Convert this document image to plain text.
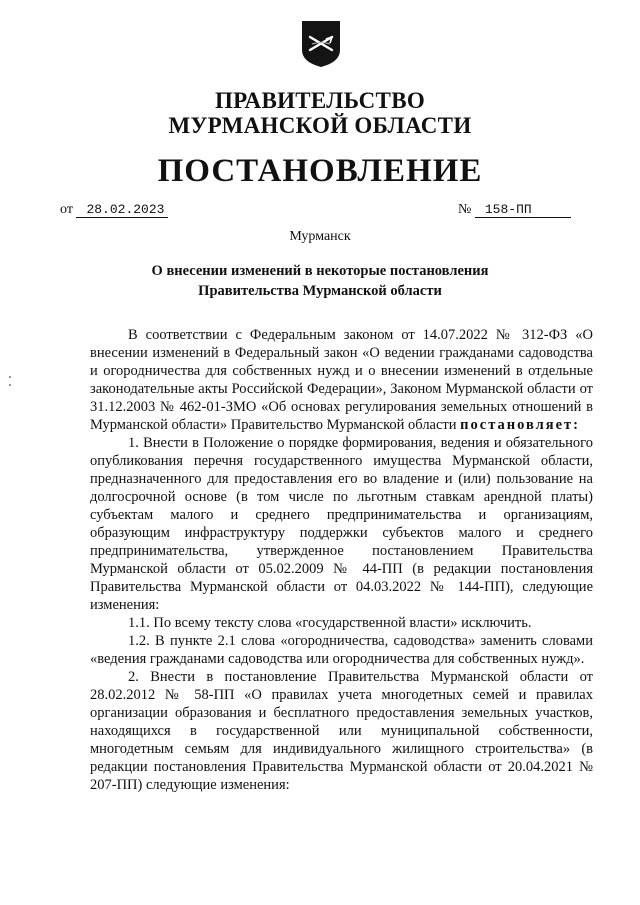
ПРАВИТЕЛЬСТВО
МУРМАНСКОЙ ОБЛАСТИ
ПОСТАНОВЛЕНИЕ
от 28.02.2023	№ 158-ПП
Мурманск
О внесении изменений в некоторые постановления
Правительства Мурманской области

В соответствии с Федеральным законом от 14.07.2022 № 312-ФЗ «О внесении изменений в Федеральный закон «О ведении гражданами садоводства и огородничества для собственных нужд и о внесении изменений в отдельные законодательные акты Российской Федерации», Законом Мурманской области от 31.12.2003 № 462-01-ЗМО «Об основах регулирования земельных отношений в Мурманской области» Правительство Мурманской области постановляет:

1. Внести в Положение о порядке формирования, ведения и обязательного опубликования перечня государственного имущества Мурманской области, предназначенного для предоставления его во владение и (или) пользование на долгосрочной основе (в том числе по льготным ставкам арендной платы) субъектам малого и среднего предпринимательства и организациям, образующим инфраструктуру поддержки субъектов малого и среднего предпринимательства, утвержденное постановлением Правительства Мурманской области от 05.02.2009 № 44-ПП (в редакции постановления Правительства Мурманской области от 04.03.2022 № 144-ПП), следующие изменения:

1.1. По всему тексту слова «государственной власти» исключить.

1.2. В пункте 2.1 слова «огородничества, садоводства» заменить словами «ведения гражданами садоводства или огородничества для собственных нужд».

2. Внести в постановление Правительства Мурманской области от 28.02.2012 № 58-ПП «О правилах учета многодетных семей и правилах организации образования и бесплатного предоставления земельных участков, находящихся в государственной или муниципальной собственности, многодетным семьям для индивидуального жилищного строительства» (в редакции постановления Правительства Мурманской области от 20.04.2021 № 207-ПП) следующие изменения:
